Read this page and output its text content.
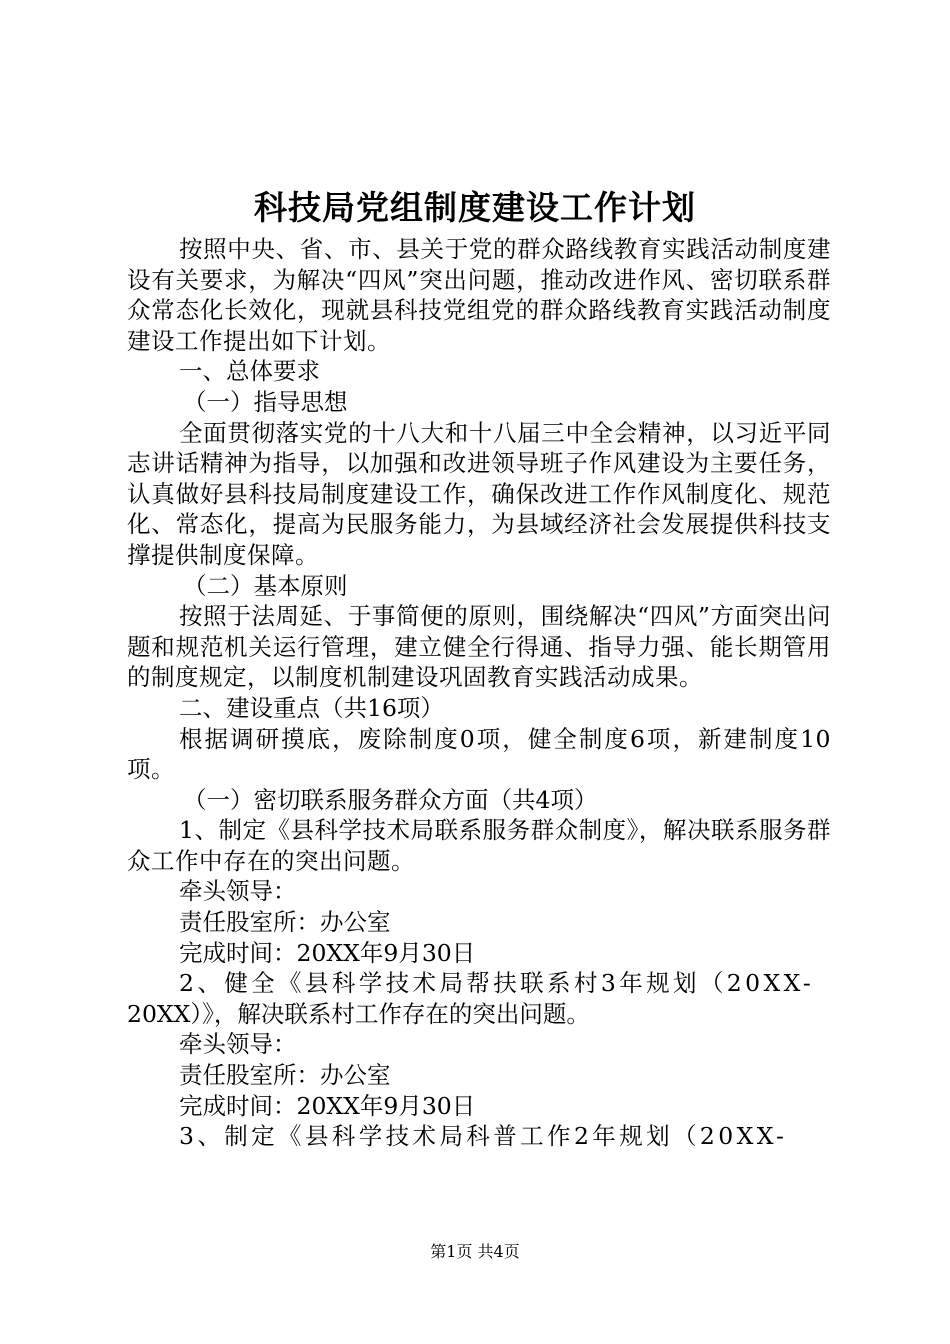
科技局党组制度建设工作计划

按照中央、省、市、县关于党的群众路线教育实践活动制度建设有关要求，为解决“四风”突出问题，推动改进作风、密切联系群众常态化长效化，现就县科技党组党的群众路线教育实践活动制度建设工作提出如下计划。

一、总体要求

（一）指导思想

全面贯彻落实党的十八大和十八届三中全会精神，以习近平同志讲话精神为指导，以加强和改进领导班子作风建设为主要任务，认真做好县科技局制度建设工作，确保改进工作作风制度化、规范化、常态化，提高为民服务能力，为县域经济社会发展提供科技支撑提供制度保障。

（二）基本原则

按照于法周延、于事简便的原则，围绕解决“四风”方面突出问题和规范机关运行管理，建立健全行得通、指导力强、能长期管用的制度规定，以制度机制建设巩固教育实践活动成果。

二、建设重点（共16项）

根据调研摸底，废除制度0项，健全制度6项，新建制度10项。

（一）密切联系服务群众方面（共4项）

1、制定《县科学技术局联系服务群众制度》，解决联系服务群众工作中存在的突出问题。

牵头领导：

责任股室所：办公室

完成时间：20XX年9月30日

2、健全《县科学技术局帮扶联系村3年规划（20XX-

20XX）》，解决联系村工作存在的突出问题。

牵头领导：

责任股室所：办公室

完成时间：20XX年9月30日

3、制定《县科学技术局科普工作2年规划（20XX-

第1页 共4页
